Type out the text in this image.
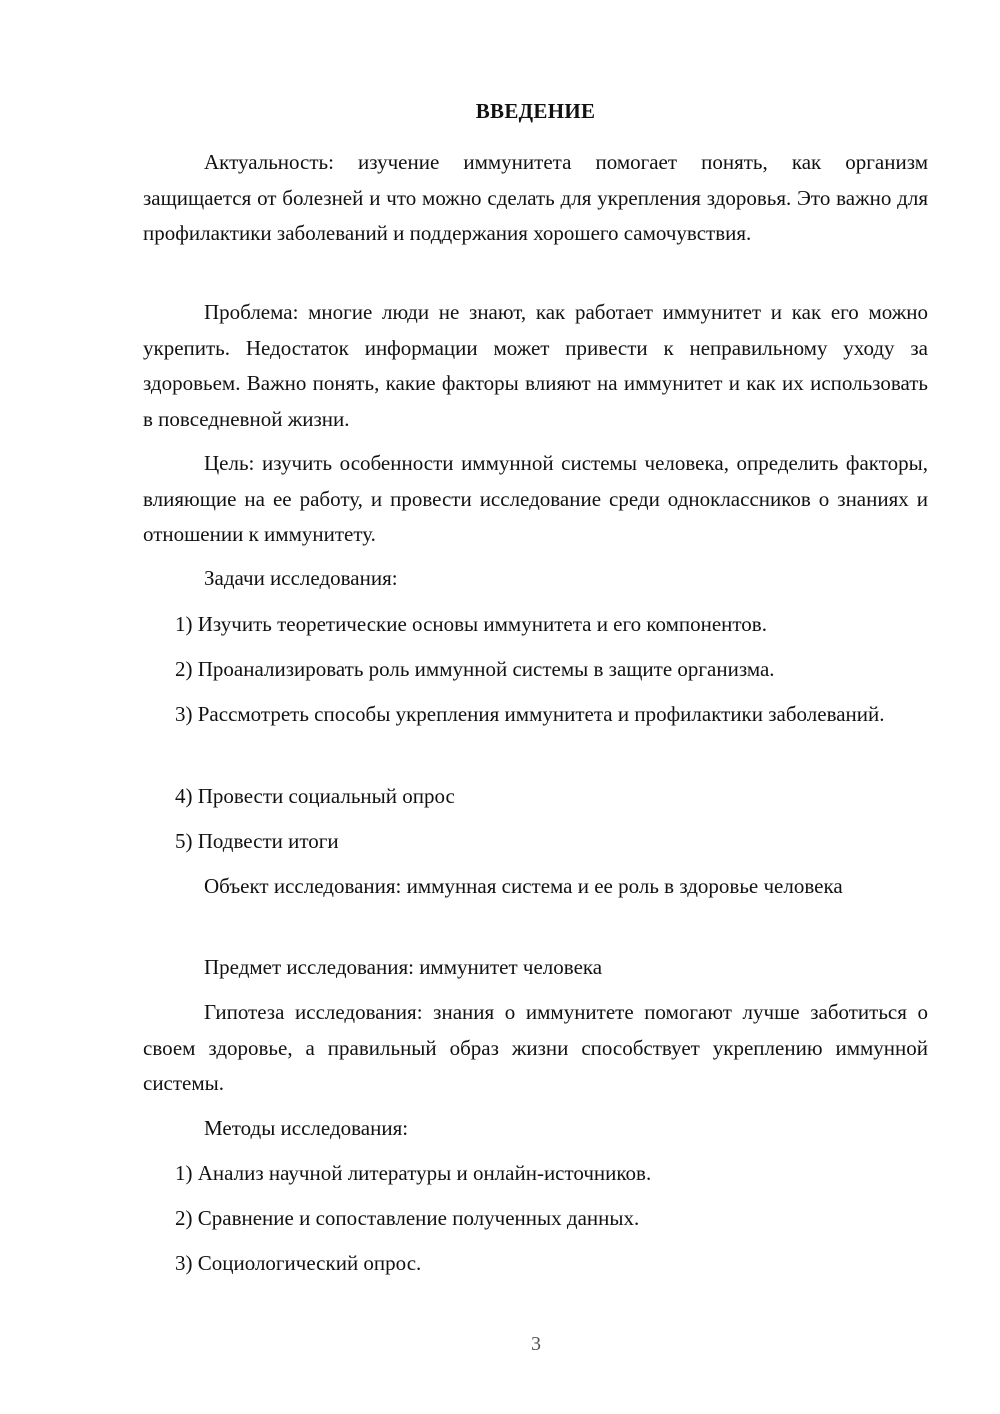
ВВЕДЕНИЕ

Актуальность: изучение иммунитета помогает понять, как организм защищается от болезней и что можно сделать для укрепления здоровья. Это важно для профилактики заболеваний и поддержания хорошего самочувствия.

Проблема: многие люди не знают, как работает иммунитет и как его можно укрепить. Недостаток информации может привести к неправильному уходу за здоровьем. Важно понять, какие факторы влияют на иммунитет и как их использовать в повседневной жизни.

Цель: изучить особенности иммунной системы человека, определить факторы, влияющие на ее работу, и провести исследование среди одноклассников о знаниях и отношении к иммунитету.

Задачи исследования:

1) Изучить теоретические основы иммунитета и его компонентов.

2) Проанализировать роль иммунной системы в защите организма.

3) Рассмотреть способы укрепления иммунитета и профилактики заболеваний.

4) Провести социальный опрос

5) Подвести итоги

Объект исследования: иммунная система и ее роль в здоровье человека

Предмет исследования: иммунитет человека

Гипотеза исследования: знания о иммунитете помогают лучше заботиться о своем здоровье, а правильный образ жизни способствует укреплению иммунной системы.

Методы исследования:

1) Анализ научной литературы и онлайн-источников.

2) Сравнение и сопоставление полученных данных.

3) Социологический опрос.

3
